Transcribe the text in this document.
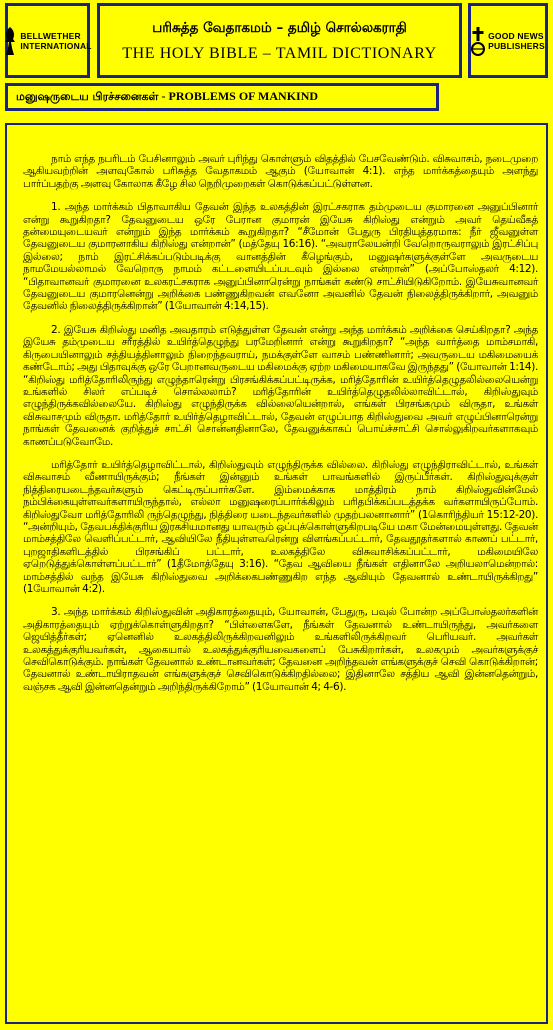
BELLWETHER
INTERNATIONAL
பரிசுத்த வேதாகமம் – தமிழ் சொல்லகராதி
THE HOLY BIBLE – TAMIL DICTIONARY
GOOD NEWS
PUBLISHERS
மனுஷருடைய பிரச்சனைகள் - PROBLEMS OF MANKIND

நாம் எந்த நபரிடம் பேசினாலும் அவர் புரிந்து கொள்ளும் விதத்தில் பேசவேண்டும். விசுவாசம், நடைமுறை ஆகியவற்றின் அளவுகோல் பரிசுத்த வேதாகமம் ஆகும் (யோவான் 4:1). எந்த மார்க்கத்தையும் அளந்து பார்ப்பதற்கு அளவு கோலாக கீழே சில நெறிமுறைகள் கொடுக்கப்பட்டுள்ளன.

1. அந்த மார்க்கம் பிதாவாகிய தேவன் இந்த உலகத்தின் இரட்சகராக தம்முடைய குமாரனை அனுப்பினார் என்று கூறுகிறதா? தேவனுடைய ஒரே பேரான குமாரன் இயேசு கிறிஸ்து என்றும் அவர் தெய்வீகத் தன்மையுடையவர் என்றும் இந்த மார்க்கம் கூறுகிறதா? “சீமோன் பேதுரு பிரதியுத்தரமாக: நீர் ஜீவனுள்ள தேவனுடைய குமாரனாகிய கிறிஸ்து என்றான்” (மத்தேயு 16:16). “அவராலேயன்றி வேறொருவராலும் இரட்சிப்பு இல்லை; நாம் இரட்சிக்கப்படும்படிக்கு வானத்தின் கீழெங்கும், மனுஷர்களுக்குள்ளே அவருடைய நாமமேயல்லாமல் வேறொரு நாமம் கட்டளையிடப்படவும் இல்லை என்றான்” (அப்போஸ்தலர் 4:12). “பிதாவானவர் குமாரனை உலகரட்சகராக அனுப்பினாரென்று நாங்கள் கண்டு சாட்சியிடுகிறோம். இயேசுவானவர் தேவனுடைய குமாரனென்று அறிக்கை பண்ணுகிறவன் எவனோ அவனில் தேவன் நிலைத்திருக்கிறார், அவனும் தேவனில் நிலைத்திருக்கிறான்” (1யோவான் 4:14,15).

2. இயேசு கிறிஸ்து மனித அவதாரம் எடுத்துள்ள தேவன் என்று அந்த மார்க்கம் அறிக்கை செய்கிறதா? அந்த இயேசு தம்முடைய சரீரத்தில் உயிர்த்தெழுந்து பரமேறினார் என்று கூறுகிறதா? “அந்த வார்த்தை மாம்சமாகி, கிருபையினாலும் சத்தியத்தினாலும் நிறைந்தவராய், நமக்குள்ளே வாசம் பண்ணினார்; அவருடைய மகிமையைக் கண்டோம்; அது பிதாவுக்கு ஒரே பேறானவருடைய மகிமைக்கு ஏற்ற மகிமையாகவே இருந்தது” (யோவான் 1:14). “கிறிஸ்து மரித்தோரிலிருந்து எழுந்தாரென்று பிரசங்கிக்கப்பட்டிருக்க, மரித்தோரின் உயிர்த்தெழுதலில்லையென்று உங்களில் சிலர் எப்படிச் சொல்லலாம்? மரித்தோரின் உயிர்த்தெழுதலில்லாவிட்டால், கிறிஸ்துவும் எழுந்திருக்கவில்லையே. கிறிஸ்து எழுந்திருக்க வில்லையென்றால், எங்கள் பிரசங்கமும் விருதா, உங்கள் விசுவாசமும் விருதா. மரித்தோர் உயிர்த்தெழாவிட்டால், தேவன் எழுப்பாத கிறிஸ்துவை அவர் எழுப்பினாரென்று நாங்கள் தேவனைக் குறித்துச் சாட்சி சொன்னதினாலே, தேவனுக்காகப் பொய்ச்சாட்சி சொல்லுகிறவர்களாகவும் காணப்படுவோமே.

மரித்தோர் உயிர்த்தெழாவிட்டால், கிறிஸ்துவும் எழுந்திருக்க வில்லை. கிறிஸ்து எழுந்திராவிட்டால், உங்கள் விசுவாசம் வீணாயிருக்கும்; நீங்கள் இன்னும் உங்கள் பாவங்களில் இருப்பீர்கள். கிறிஸ்துவுக்குள் நித்திரையடைந்தவர்களும் கெட்டிருப்பார்களே. இம்மைக்காக மாத்திரம் நாம் கிறிஸ்துவின்மேல் நம்பிக்கையுள்ளவர்களாயிருந்தால், எல்லா மனுஷரைப்பார்க்கிலும் பரிதபிக்கப்படத்தக்க வர்களாயிருப்போம். கிறிஸ்துவோ மரித்தோரிலி ருந்தெழுந்து, நித்திரை யடைந்தவர்களில் முதற்பலனானார்” (1கொரிந்தியர் 15:12-20). “அன்றியும், தேவபக்திக்குரிய இரகசியமானது யாவரும் ஒப்புக்கொள்ளுகிறபடியே மகா மேன்மையுள்ளது. தேவன் மாம்சத்திலே வெளிப்பட்டார், ஆவியிலே நீதியுள்ளவரென்று விளங்கப்பட்டார், தேவதூதர்களால் காணப் பட்டார், புறஜாதிகளிடத்தில் பிரசங்கிப் பட்டார், உலகத்திலே விசுவாசிக்கப்பட்டார், மகிமையிலே ஏறெடுத்துக்கொள்ளப்பட்டார்” (1தீமோத்தேயு 3:16). “தேவ ஆவியை நீங்கள் எதினாலே அறியலாமென்றால்: மாம்சத்தில் வந்த இயேசு கிறிஸ்துவை அறிக்கைபண்ணுகிற எந்த ஆவியும் தேவனால் உண்டாயிருக்கிறது” (1யோவான் 4:2).

3. அந்த மார்க்கம் கிறிஸ்துவின் அதிகாரத்தையும், யோவான், பேதுரு, பவுல் போன்ற அப்போஸ்தலர்களின் அதிகாரத்தையும் ஏற்றுக்கொள்ளுகிறதா? “பிள்ளைகளே, நீங்கள் தேவனால் உண்டாயிருந்து, அவர்களை ஜெயித்தீர்கள்; ஏனெனில் உலகத்திலிருக்கிறவனிலும் உங்களிலிருக்கிறவர் பெரியவர். அவர்கள் உலகத்துக்குரியவர்கள், ஆகையால் உலகத்துக்குரியவைகளைப் பேசுகிறார்கள், உலகமும் அவர்களுக்குச் செவிகொடுக்கும். நாங்கள் தேவனால் உண்டானவர்கள்; தேவனை அறிந்தவன் எங்களுக்குச் செவி கொடுக்கிறான்; தேவனால் உண்டாயிராதவன் எங்களுக்குச் செவிகொடுக்கிறதில்லை; இதினாலே சத்திய ஆவி இன்னதென்றும், வஞ்சக ஆவி இன்னதென்றும் அறிந்திருக்கிறோம்” (1யோவான் 4; 4-6).
